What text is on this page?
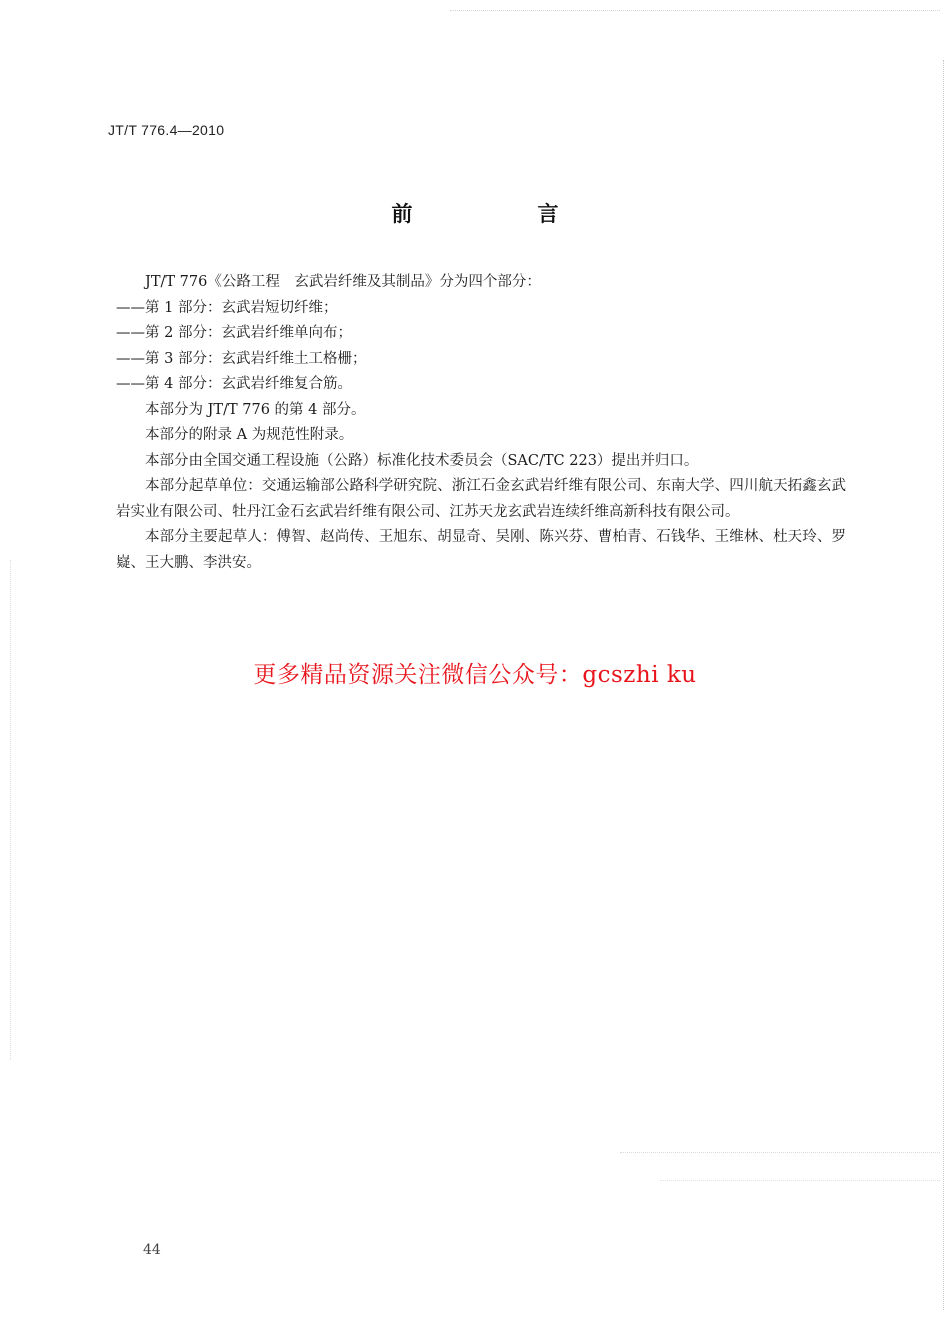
JT/T 776.4—2010
前　言
JT/T 776《公路工程　玄武岩纤维及其制品》分为四个部分：
——第 1 部分：玄武岩短切纤维；
——第 2 部分：玄武岩纤维单向布；
——第 3 部分：玄武岩纤维土工格栅；
——第 4 部分：玄武岩纤维复合筋。
本部分为 JT/T 776 的第 4 部分。
本部分的附录 A 为规范性附录。
本部分由全国交通工程设施（公路）标准化技术委员会（SAC/TC 223）提出并归口。
本部分起草单位：交通运输部公路科学研究院、浙江石金玄武岩纤维有限公司、东南大学、四川航天拓鑫玄武岩实业有限公司、牡丹江金石玄武岩纤维有限公司、江苏天龙玄武岩连续纤维高新科技有限公司。
本部分主要起草人：傅智、赵尚传、王旭东、胡显奇、吴刚、陈兴芬、曹柏青、石钱华、王维林、杜天玲、罗嶷、王大鹏、李洪安。
更多精品资源关注微信公众号：gcszhi ku
44
